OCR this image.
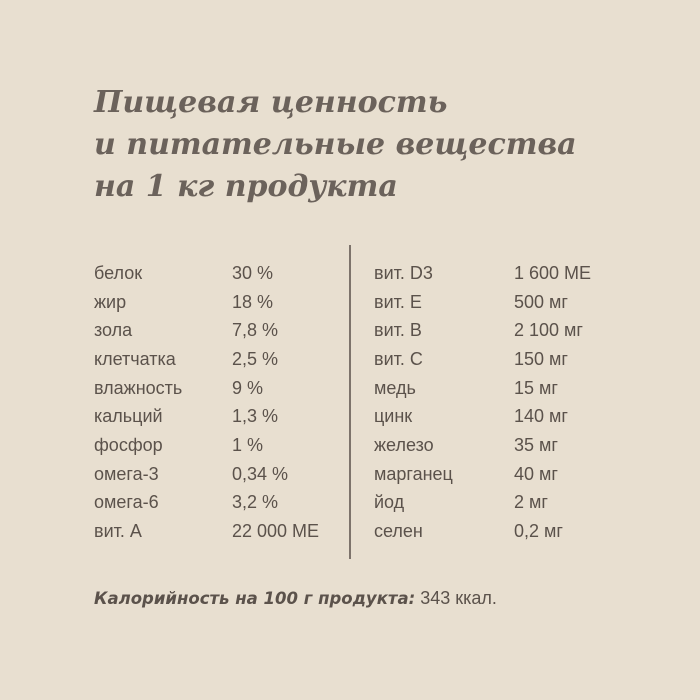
Пищевая ценность
и питательные вещества
на 1 кг продукта
белок	30 %
жир	18 %
зола	7,8 %
клетчатка	2,5 %
влажность	9 %
кальций	1,3 %
фосфор	1 %
омега-3	0,34 %
омега-6	3,2 %
вит. А	22 000 МЕ
вит. D3	1 600 МЕ
вит. Е	500 мг
вит. В	2 100 мг
вит. С	150 мг
медь	15 мг
цинк	140 мг
железо	35 мг
марганец	40 мг
йод	2 мг
селен	0,2 мг
Калорийность на 100 г продукта: 343 ккал.
